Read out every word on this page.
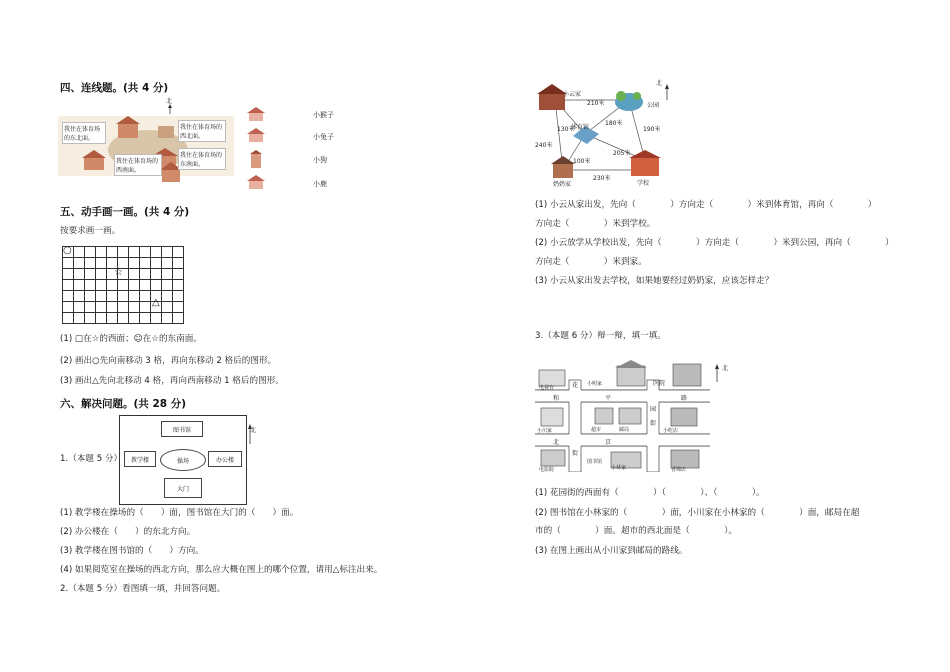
四、连线题。(共 4 分)
北
我住在体育场的东北面。
我住在体育场的西北面。
我住在体育场的西南面。
我住在体育场的东南面。
小猴子
小兔子
小狗
小鹿
五、动手画一画。(共 4 分)
按要求画一画。
○
☆
△
(1) □在☆的西面；☺在☆的东南面。
(2) 画出○先向南移动 3 格，再向东移动 2 格后的图形。
(3) 画出△先向北移动 4 格，再向西南移动 1 格后的图形。
六、解决问题。(共 28 分)
图书馆
教学楼	操场	办公楼
大门
北
1.（本题 5 分）
(1) 教学楼在操场的（　　）面，图书馆在大门的（　　）面。
(2) 办公楼在（　　）的东北方向。
(3) 教学楼在图书馆的（　　）方向。
(4) 如果阅览室在操场的西北方向，那么应大概在图上的哪个位置，请用△标注出来。
2.（本题 5 分）看图填一填，并回答问题。
小云家
公园
体育馆
奶奶家	学校
210米
130米
180米
190米
240米
205米
100米
230米
北
(1) 小云从家出发，先向（　　　　）方向走（　　　　）米到体育馆，再向（　　　　）
方向走（　　　　）米到学校。
(2) 小云放学从学校出发，先向（　　　　）方向走（　　　　）米到公园，再向（　　　　）
方向走（　　　　）米到家。
(3) 小云从家出发去学校，如果她要经过奶奶家，应该怎样走？
3.（本题 6 分）辩一辩，填一填。
电视台
小明家
花
园
街
和	平	路
医院
小川家	超市	邮局	小吃店
北	京
街
图书馆
电影院	小林家	香锦店
北
(1) 花园街的西面有（　　　　）（　　　　）、（　　　　）。
(2) 图书馆在小林家的（　　　　）面，小川家在小林家的（　　　　）面，邮局在超
市的（　　　　）面。超市的西北面是（　　　　）。
(3) 在图上画出从小川家到邮局的路线。
